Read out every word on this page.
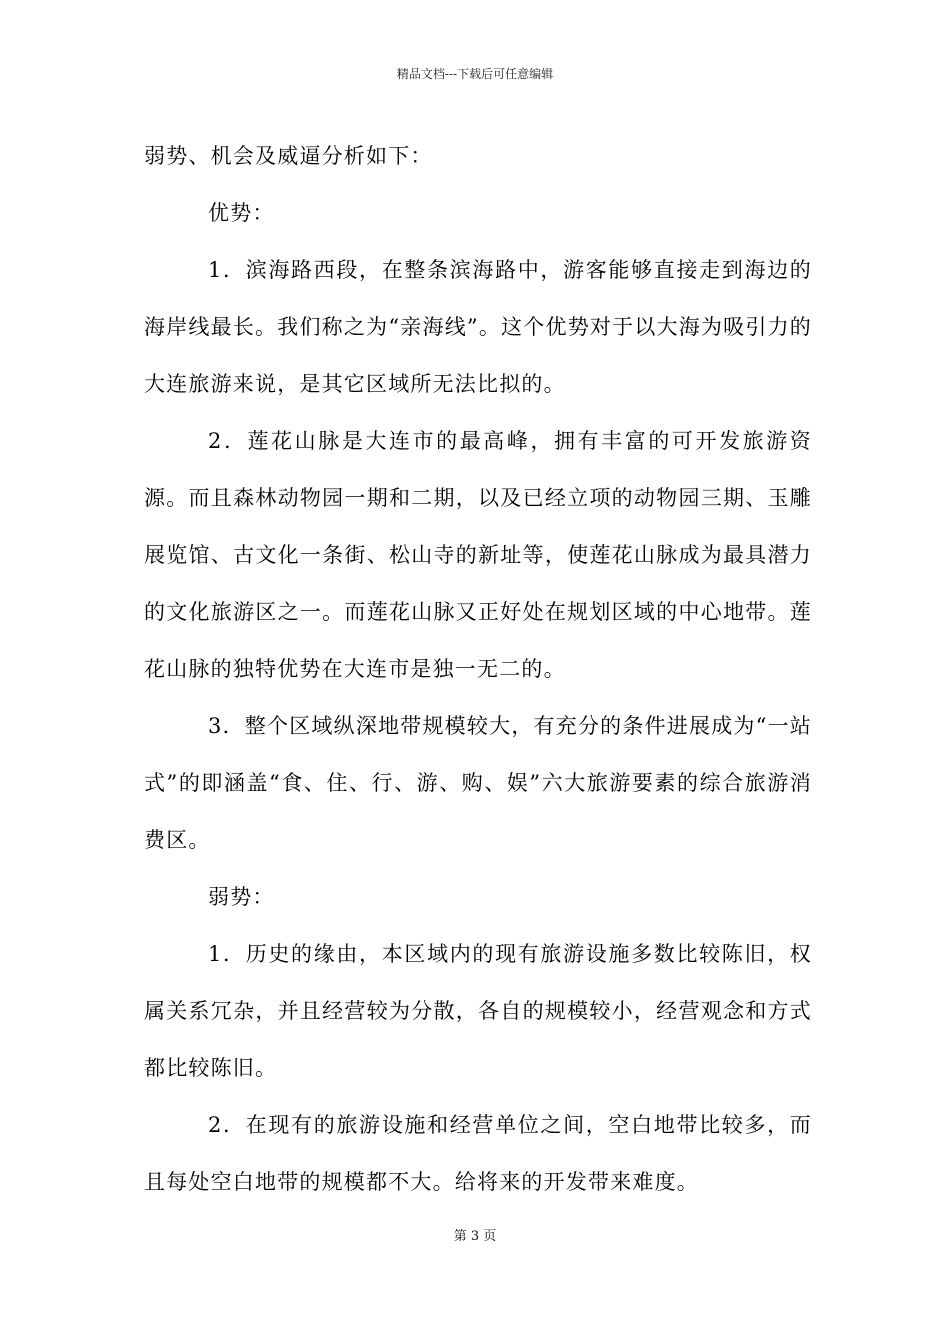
精品文档---下载后可任意编辑

弱势、机会及威逼分析如下：

优势：

1．滨海路西段，在整条滨海路中，游客能够直接走到海边的海岸线最长。我们称之为“亲海线”。这个优势对于以大海为吸引力的大连旅游来说，是其它区域所无法比拟的。

2．莲花山脉是大连市的最高峰，拥有丰富的可开发旅游资源。而且森林动物园一期和二期，以及已经立项的动物园三期、玉雕展览馆、古文化一条街、松山寺的新址等，使莲花山脉成为最具潜力的文化旅游区之一。而莲花山脉又正好处在规划区域的中心地带。莲花山脉的独特优势在大连市是独一无二的。

3．整个区域纵深地带规模较大，有充分的条件进展成为“一站式”的即涵盖“食、住、行、游、购、娱”六大旅游要素的综合旅游消费区。

弱势：

1．历史的缘由，本区域内的现有旅游设施多数比较陈旧，权属关系冗杂，并且经营较为分散，各自的规模较小，经营观念和方式都比较陈旧。

2．在现有的旅游设施和经营单位之间，空白地带比较多，而且每处空白地带的规模都不大。给将来的开发带来难度。

第 3 页
